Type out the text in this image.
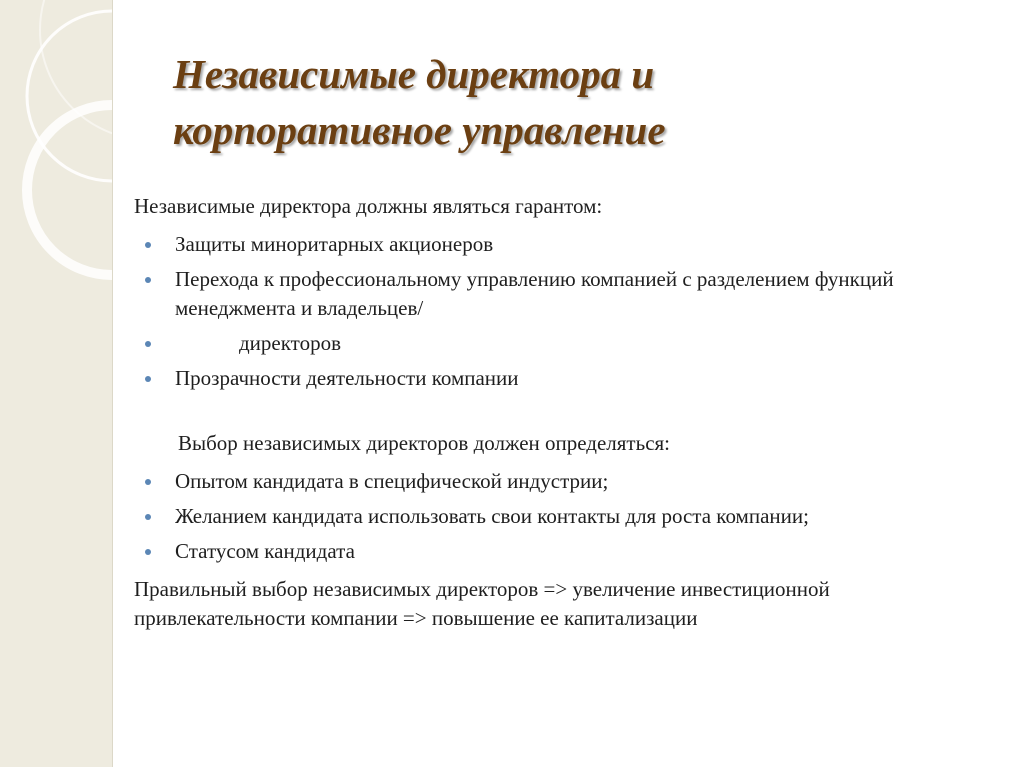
Независимые директора и
корпоративное управление

Независимые директора должны являться гарантом:

Защиты миноритарных акционеров
Перехода к профессиональному управлению компанией с разделением функций менеджмента и владельцев/
директоров
Прозрачности деятельности компании

Выбор независимых директоров должен определяться:

Опытом кандидата в специфической индустрии;
Желанием кандидата использовать свои контакты для роста компании;
Статусом кандидата

Правильный выбор независимых директоров => увеличение инвестиционной привлекательности компании => повышение ее капитализации
